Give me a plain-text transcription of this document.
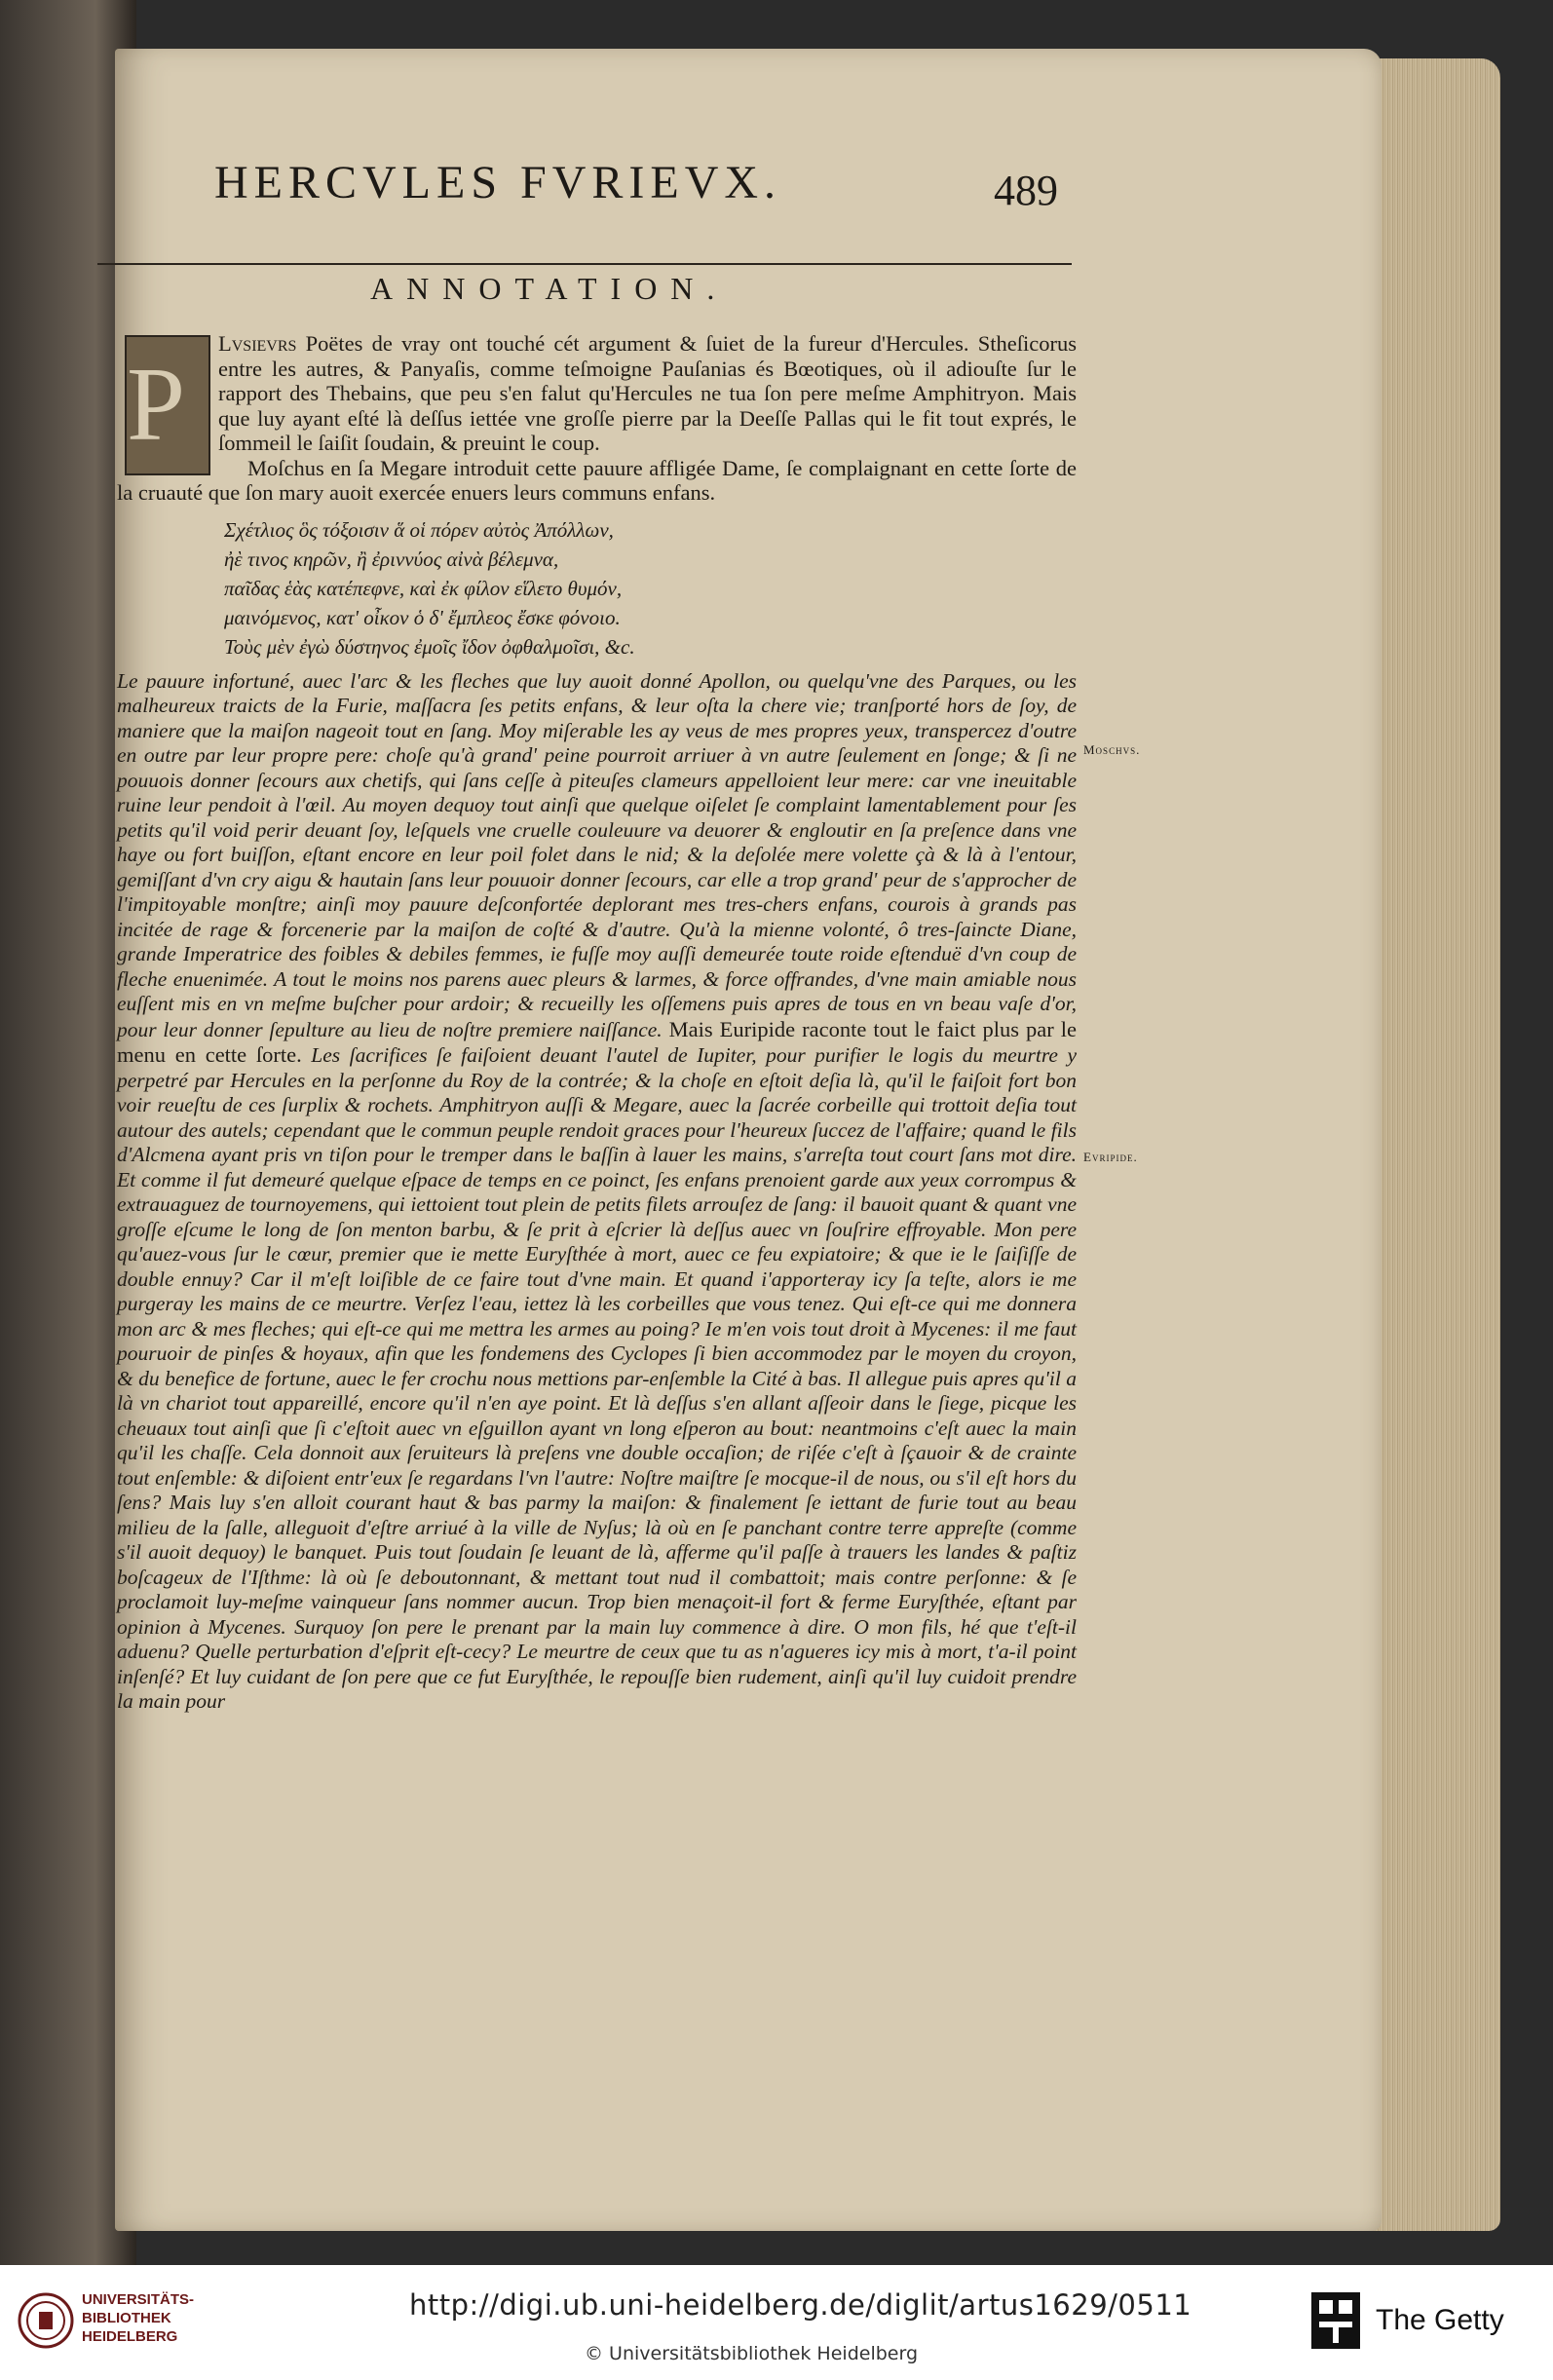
HERCVLES FVRIEVX.	489
ANNOTATION.

P
Lvsievrs Poëtes de vray ont touché cét argument & ſuiet de la fureur d'Hercules. Stheſicorus entre les autres, & Panyaſis, comme teſmoigne Pauſanias és Bœotiques, où il adiouſte ſur le rapport des Thebains, que peu s'en falut qu'Hercules ne tua ſon pere meſme Amphitryon. Mais que luy ayant eſté là deſſus iettée vne groſſe pierre par la Deeſſe Pallas qui le fit tout exprés, le ſommeil le ſaiſit ſoudain, & preuint le coup.

Moſchus en ſa Megare introduit cette pauure affligée Dame, ſe complaignant en cette ſorte de la cruauté que ſon mary auoit exercée enuers leurs communs enfans.

Σχέτλιος ὃς τόξοισιν ἅ οἱ πόρεν αὐτὸς Ἀπόλλων,
ἠὲ τινος κηρῶν, ἢ ἐριννύος αἰνὰ βέλεμνα,
παῖδας ἑὰς κατέπεφνε, καὶ ἐκ φίλον εἵλετο θυμόν,
μαινόμενος, κατ' οἶκον ὁ δ' ἔμπλεος ἔσκε φόνοιο.
Τοὺς μὲν ἐγὼ δύστηνος ἐμοῖς ἴδον ὀφθαλμοῖσι, &c.

Le pauure infortuné, auec l'arc & les fleches que luy auoit donné Apollon, ou quelqu'vne des Parques, ou les malheureux traicts de la Furie, maſſacra ſes petits enfans, & leur oſta la chere vie; tranſporté hors de ſoy, de maniere que la maiſon nageoit tout en ſang. Moy miſerable les ay veus de mes propres yeux, transpercez d'outre en outre par leur propre pere: choſe qu'à grand' peine pourroit arriuer à vn autre ſeulement en ſonge; & ſi ne pouuois donner ſecours aux chetifs, qui ſans ceſſe à piteuſes clameurs appelloient leur mere: car vne ineuitable ruine leur pendoit à l'œil. Au moyen dequoy tout ainſi que quelque oiſelet ſe complaint lamentablement pour ſes petits qu'il void perir deuant ſoy, leſquels vne cruelle couleuure va deuorer & engloutir en ſa preſence dans vne haye ou fort buiſſon, eſtant encore en leur poil folet dans le nid; & la deſolée mere volette çà & là à l'entour, gemiſſant d'vn cry aigu & hautain ſans leur pouuoir donner ſecours, car elle a trop grand' peur de s'approcher de l'impitoyable monſtre; ainſi moy pauure deſconfortée deplorant mes tres-chers enfans, courois à grands pas incitée de rage & forcenerie par la maiſon de coſté & d'autre. Qu'à la mienne volonté, ô tres-ſaincte Diane, grande Imperatrice des foibles & debiles femmes, ie fuſſe moy auſſi demeurée toute roide eſtenduë d'vn coup de fleche enuenimée. A tout le moins nos parens auec pleurs & larmes, & force offrandes, d'vne main amiable nous euſſent mis en vn meſme buſcher pour ardoir; & recueilly les oſſemens puis apres de tous en vn beau vaſe d'or, pour leur donner ſepulture au lieu de noſtre premiere naiſſance. Mais Euripide raconte tout le faict plus par le menu en cette ſorte. Les ſacrifices ſe faiſoient deuant l'autel de Iupiter, pour purifier le logis du meurtre y perpetré par Hercules en la perſonne du Roy de la contrée; & la choſe en eſtoit deſia là, qu'il le faiſoit fort bon voir reueſtu de ces ſurplix & rochets. Amphitryon auſſi & Megare, auec la ſacrée corbeille qui trottoit deſia tout autour des autels; cependant que le commun peuple rendoit graces pour l'heureux ſuccez de l'affaire; quand le fils d'Alcmena ayant pris vn tiſon pour le tremper dans le baſſin à lauer les mains, s'arreſta tout court ſans mot dire. Et comme il fut demeuré quelque eſpace de temps en ce poinct, ſes enfans prenoient garde aux yeux corrompus & extrauaguez de tournoyemens, qui iettoient tout plein de petits filets arrouſez de ſang: il bauoit quant & quant vne groſſe eſcume le long de ſon menton barbu, & ſe prit à eſcrier là deſſus auec vn ſouſrire effroyable. Mon pere qu'auez-vous ſur le cœur, premier que ie mette Euryſthée à mort, auec ce feu expiatoire; & que ie le ſaiſiſſe de double ennuy? Car il m'eſt loiſible de ce faire tout d'vne main. Et quand i'apporteray icy ſa teſte, alors ie me purgeray les mains de ce meurtre. Verſez l'eau, iettez là les corbeilles que vous tenez. Qui eſt-ce qui me donnera mon arc & mes fleches; qui eſt-ce qui me mettra les armes au poing? Ie m'en vois tout droit à Mycenes: il me faut pouruoir de pinſes & hoyaux, afin que les fondemens des Cyclopes ſi bien accommodez par le moyen du croyon, & du benefice de fortune, auec le fer crochu nous mettions par-enſemble la Cité à bas. Il allegue puis apres qu'il a là vn chariot tout appareillé, encore qu'il n'en aye point. Et là deſſus s'en allant aſſeoir dans le ſiege, picque les cheuaux tout ainſi que ſi c'eſtoit auec vn eſguillon ayant vn long eſperon au bout: neantmoins c'eſt auec la main qu'il les chaſſe. Cela donnoit aux ſeruiteurs là preſens vne double occaſion; de riſée c'eſt à ſçauoir & de crainte tout enſemble: & diſoient entr'eux ſe regardans l'vn l'autre: Noſtre maiſtre ſe mocque-il de nous, ou s'il eſt hors du ſens? Mais luy s'en alloit courant haut & bas parmy la maiſon: & finalement ſe iettant de furie tout au beau milieu de la ſalle, alleguoit d'eſtre arriué à la ville de Nyſus; là où en ſe panchant contre terre appreſte (comme s'il auoit dequoy) le banquet. Puis tout ſoudain ſe leuant de là, afferme qu'il paſſe à trauers les landes & paſtiz boſcageux de l'Iſthme: là où ſe deboutonnant, & mettant tout nud il combattoit; mais contre perſonne: & ſe proclamoit luy-meſme vainqueur ſans nommer aucun. Trop bien menaçoit-il fort & ferme Euryſthée, eſtant par opinion à Mycenes. Surquoy ſon pere le prenant par la main luy commence à dire. O mon fils, hé que t'eſt-il aduenu? Quelle perturbation d'eſprit eſt-cecy? Le meurtre de ceux que tu as n'agueres icy mis à mort, t'a-il point inſenſé? Et luy cuidant de ſon pere que ce fut Euryſthée, le repouſſe bien rudement, ainſi qu'il luy cuidoit prendre la main pour

Moschvs.
Evripide.
UNIVERSITÄTS-
BIBLIOTHEK
HEIDELBERG
http://digi.ub.uni-heidelberg.de/diglit/artus1629/0511
© Universitätsbibliothek Heidelberg
The Getty
